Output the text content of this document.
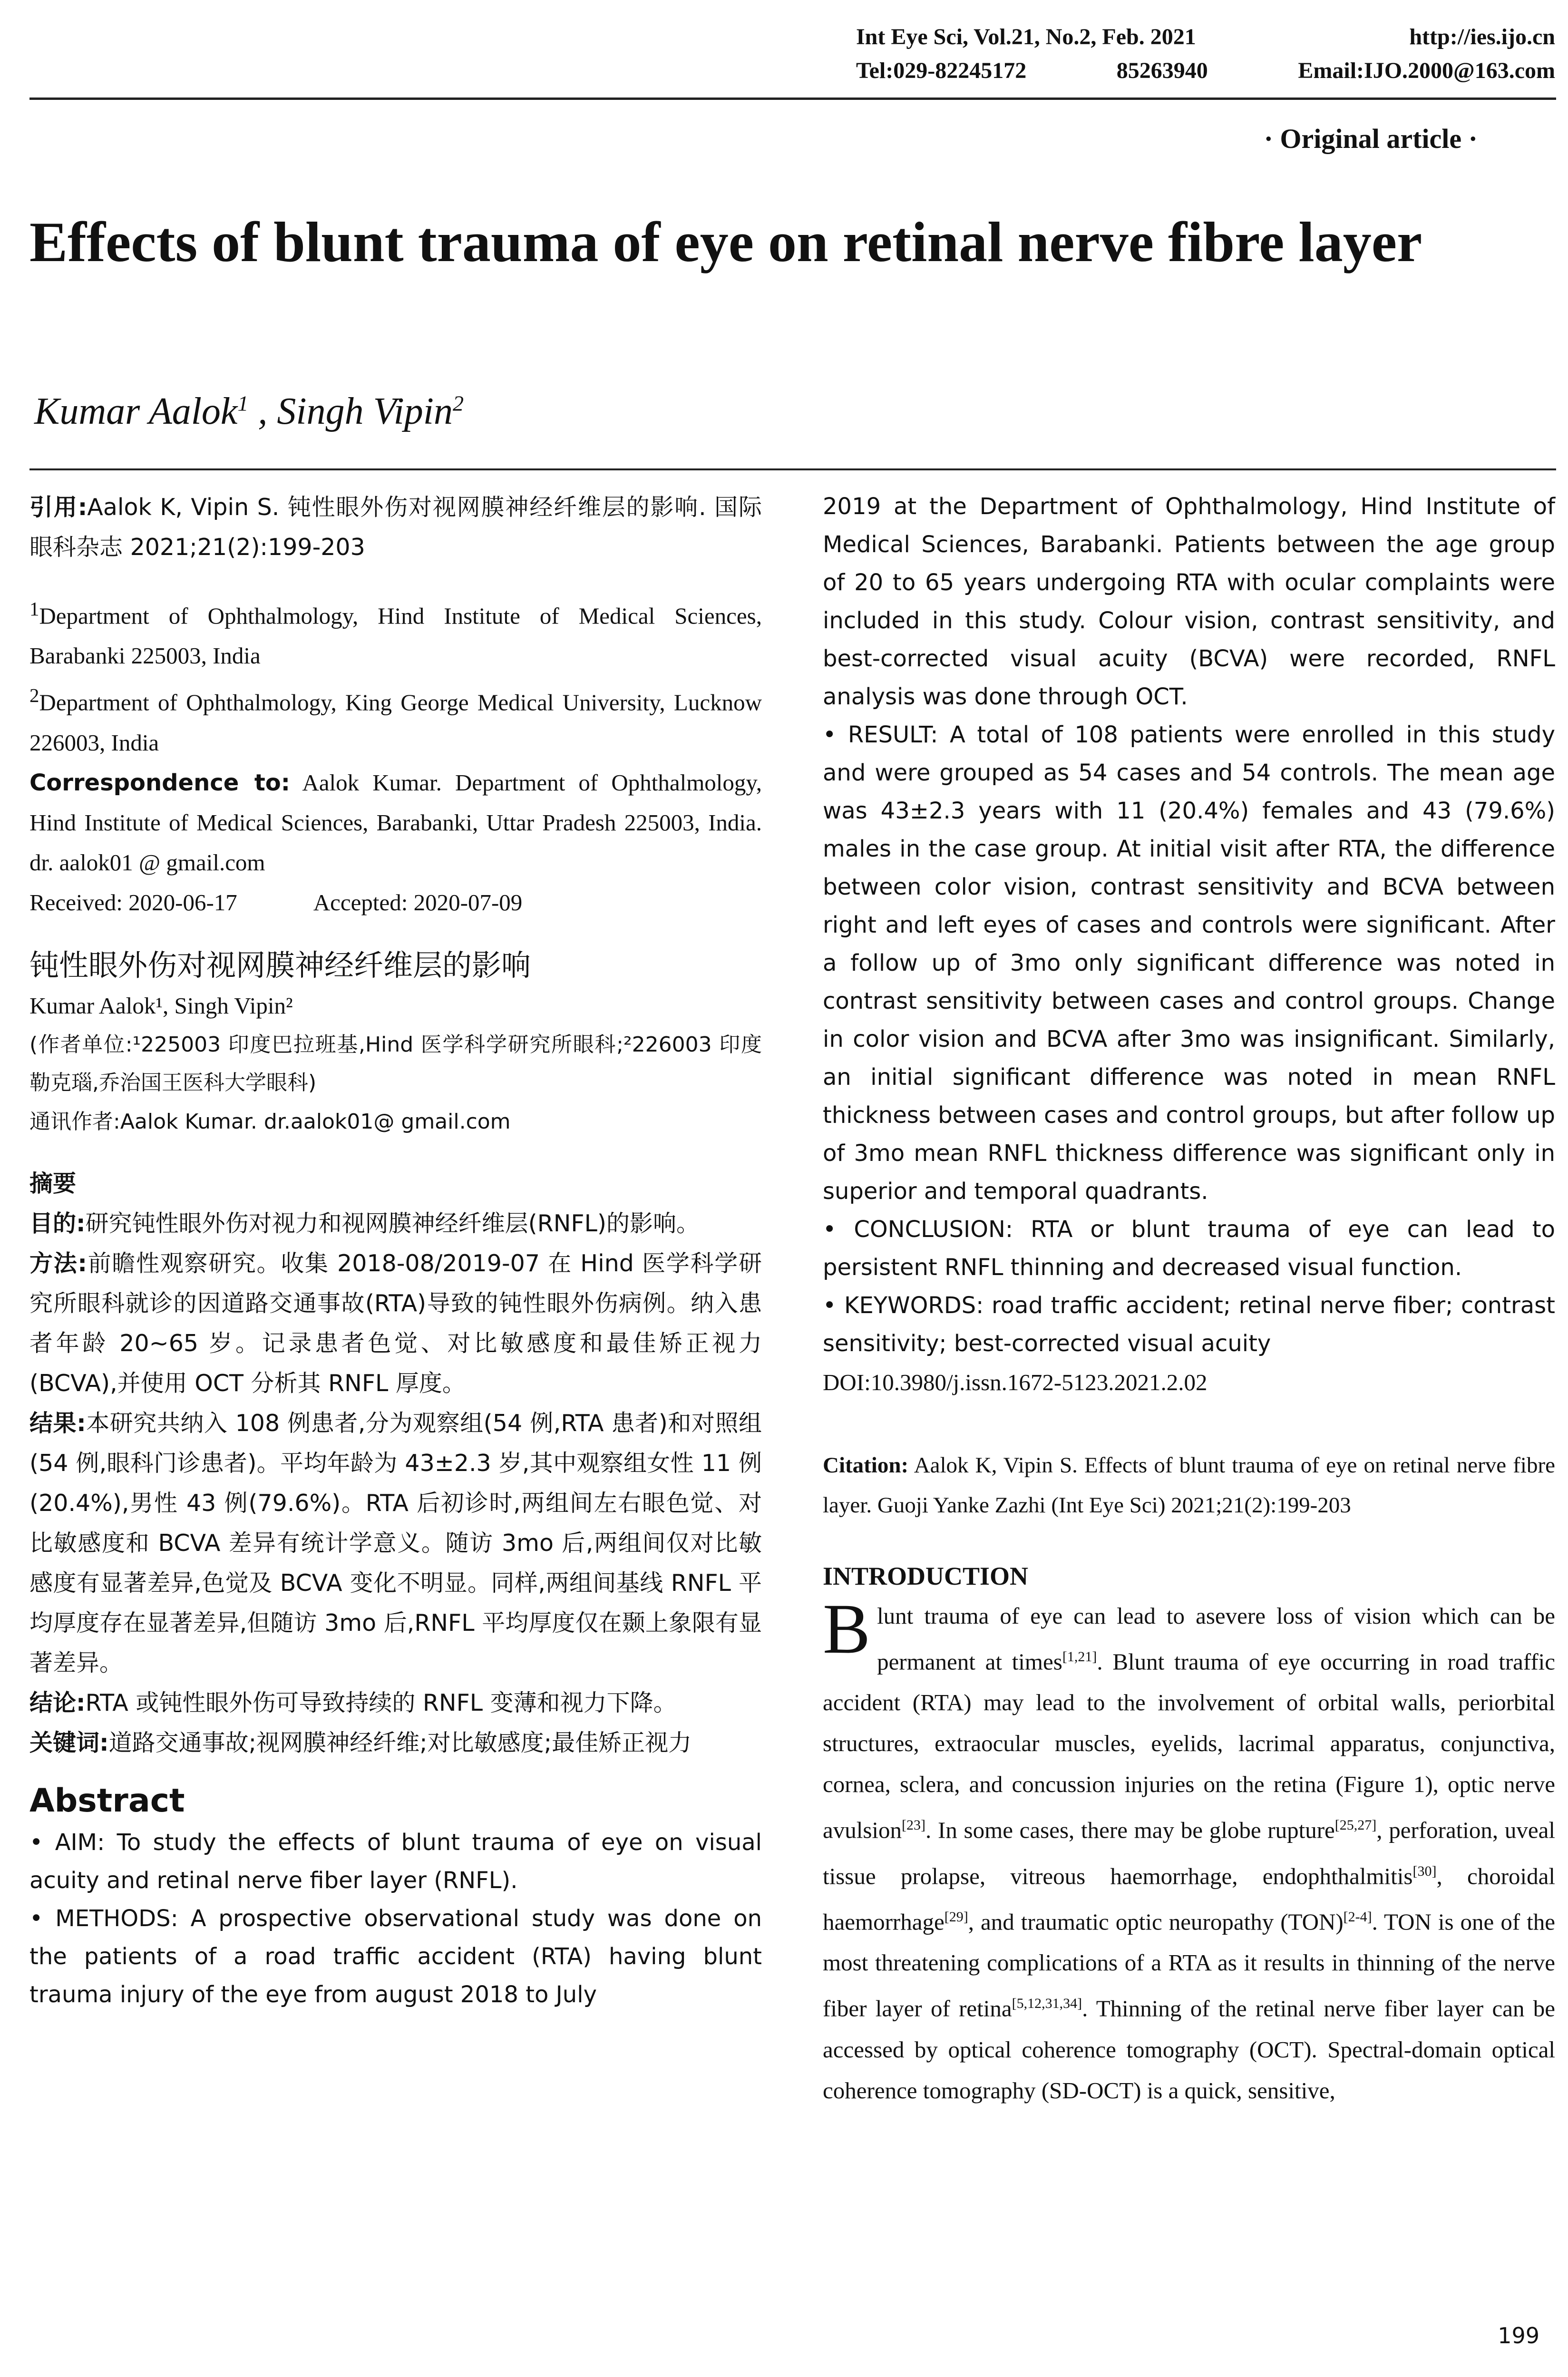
Int Eye Sci, Vol.21, No.2, Feb. 2021	http://ies.ijo.cn
Tel:029-82245172	85263940	Email:IJO.2000@163.com
· Original article ·
Effects of blunt trauma of eye on retinal nerve fibre layer
Kumar Aalok$^1$ , Singh Vipin$^2$

引用:Aalok K, Vipin S. 钝性眼外伤对视网膜神经纤维层的影响. 国际眼科杂志 2021;21(2):199-203

$^1$Department of Ophthalmology, Hind Institute of Medical Sciences, Barabanki 225003, India

$^2$Department of Ophthalmology, King George Medical University, Lucknow 226003, India

Correspondence to: Aalok Kumar. Department of Ophthalmology, Hind Institute of Medical Sciences, Barabanki, Uttar Pradesh 225003, India. dr. aalok01 @ gmail.com

Received: 2020-06-17	Accepted: 2020-07-09

钝性眼外伤对视网膜神经纤维层的影响

Kumar Aalok¹, Singh Vipin²

(作者单位:¹225003 印度巴拉班基,Hind 医学科学研究所眼科;²226003 印度勒克瑙,乔治国王医科大学眼科)

通讯作者:Aalok Kumar. dr.aalok01@ gmail.com

摘要

目的:研究钝性眼外伤对视力和视网膜神经纤维层(RNFL)的影响。

方法:前瞻性观察研究。收集 2018-08/2019-07 在 Hind 医学科学研究所眼科就诊的因道路交通事故(RTA)导致的钝性眼外伤病例。纳入患者年龄 20~65 岁。记录患者色觉、对比敏感度和最佳矫正视力(BCVA),并使用 OCT 分析其 RNFL 厚度。

结果:本研究共纳入 108 例患者,分为观察组(54 例,RTA 患者)和对照组(54 例,眼科门诊患者)。平均年龄为 43±2.3 岁,其中观察组女性 11 例(20.4%),男性 43 例(79.6%)。RTA 后初诊时,两组间左右眼色觉、对比敏感度和 BCVA 差异有统计学意义。随访 3mo 后,两组间仅对比敏感度有显著差异,色觉及 BCVA 变化不明显。同样,两组间基线 RNFL 平均厚度存在显著差异,但随访 3mo 后,RNFL 平均厚度仅在颞上象限有显著差异。

结论:RTA 或钝性眼外伤可导致持续的 RNFL 变薄和视力下降。

关键词:道路交通事故;视网膜神经纤维;对比敏感度;最佳矫正视力

Abstract

• AIM: To study the effects of blunt trauma of eye on visual acuity and retinal nerve fiber layer (RNFL).

• METHODS: A prospective observational study was done on the patients of a road traffic accident (RTA) having blunt trauma injury of the eye from august 2018 to July

2019 at the Department of Ophthalmology, Hind Institute of Medical Sciences, Barabanki. Patients between the age group of 20 to 65 years undergoing RTA with ocular complaints were included in this study. Colour vision, contrast sensitivity, and best-corrected visual acuity (BCVA) were recorded, RNFL analysis was done through OCT.

• RESULT: A total of 108 patients were enrolled in this study and were grouped as 54 cases and 54 controls. The mean age was 43±2.3 years with 11 (20.4%) females and 43 (79.6%) males in the case group. At initial visit after RTA, the difference between color vision, contrast sensitivity and BCVA between right and left eyes of cases and controls were significant. After a follow up of 3mo only significant difference was noted in contrast sensitivity between cases and control groups. Change in color vision and BCVA after 3mo was insignificant. Similarly, an initial significant difference was noted in mean RNFL thickness between cases and control groups, but after follow up of 3mo mean RNFL thickness difference was significant only in superior and temporal quadrants.

• CONCLUSION: RTA or blunt trauma of eye can lead to persistent RNFL thinning and decreased visual function.

• KEYWORDS: road traffic accident; retinal nerve fiber; contrast sensitivity; best-corrected visual acuity

DOI:10.3980/j.issn.1672-5123.2021.2.02

Citation: Aalok K, Vipin S. Effects of blunt trauma of eye on retinal nerve fibre layer. Guoji Yanke Zazhi (Int Eye Sci) 2021;21(2):199-203

INTRODUCTION

Blunt trauma of eye can lead to asevere loss of vision which can be permanent at times[1,21]. Blunt trauma of eye occurring in road traffic accident (RTA) may lead to the involvement of orbital walls, periorbital structures, extraocular muscles, eyelids, lacrimal apparatus, conjunctiva, cornea, sclera, and concussion injuries on the retina (Figure 1), optic nerve avulsion[23]. In some cases, there may be globe rupture[25,27], perforation, uveal tissue prolapse, vitreous haemorrhage, endophthalmitis[30], choroidal haemorrhage[29], and traumatic optic neuropathy (TON)[2-4]. TON is one of the most threatening complications of a RTA as it results in thinning of the nerve fiber layer of retina[5,12,31,34]. Thinning of the retinal nerve fiber layer can be accessed by optical coherence tomography (OCT). Spectral-domain optical coherence tomography (SD-OCT) is a quick, sensitive,

199
